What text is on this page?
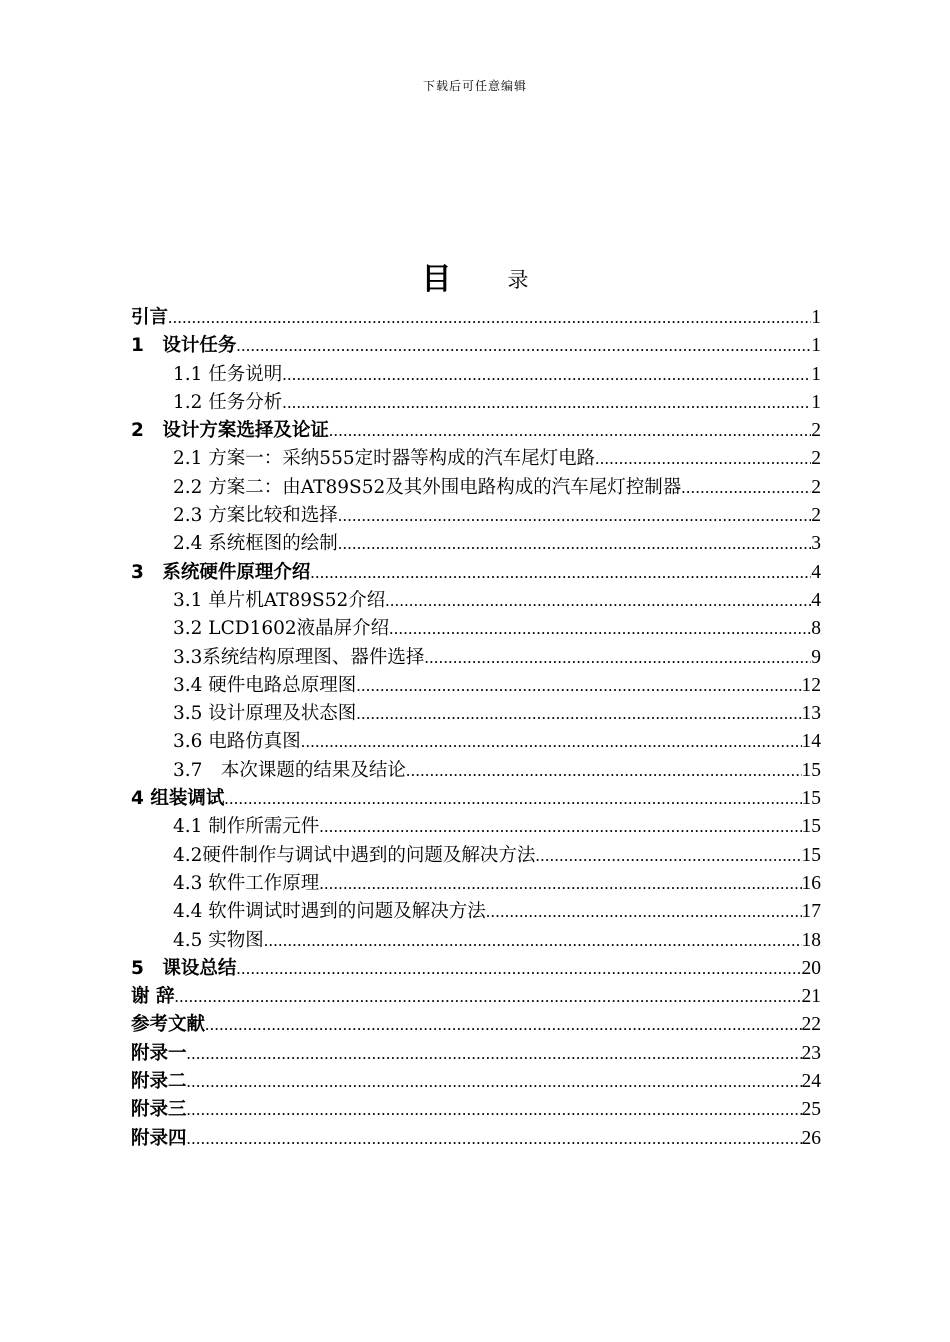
下载后可任意编辑
目	录
引言 .....	1
1　设计任务 .....	1
1.1 任务说明 .....	1
1.2 任务分析 .....	1
2　设计方案选择及论证 .....	2
2.1 方案一：采纳555定时器等构成的汽车尾灯电路 .....	2
2.2 方案二：由AT89S52及其外围电路构成的汽车尾灯控制器 .....	2
2.3 方案比较和选择 .....	2
2.4 系统框图的绘制 .....	3
3　系统硬件原理介绍 .....	4
3.1 单片机AT89S52介绍 .....	4
3.2 LCD1602液晶屏介绍 .....	8
3.3系统结构原理图、器件选择 .....	9
3.4 硬件电路总原理图 .....	12
3.5 设计原理及状态图 .....	13
3.6 电路仿真图 .....	14
3.7　本次课题的结果及结论 .....	15
4 组装调试 .....	15
4.1 制作所需元件 .....	15
4.2硬件制作与调试中遇到的问题及解决方法 .....	15
4.3 软件工作原理 .....	16
4.4 软件调试时遇到的问题及解决方法 .....	17
4.5 实物图 .....	18
5　课设总结 .....	20
谢 辞 .....	21
参考文献 .....	22
附录一 .....	23
附录二 .....	24
附录三 .....	25
附录四 .....	26
